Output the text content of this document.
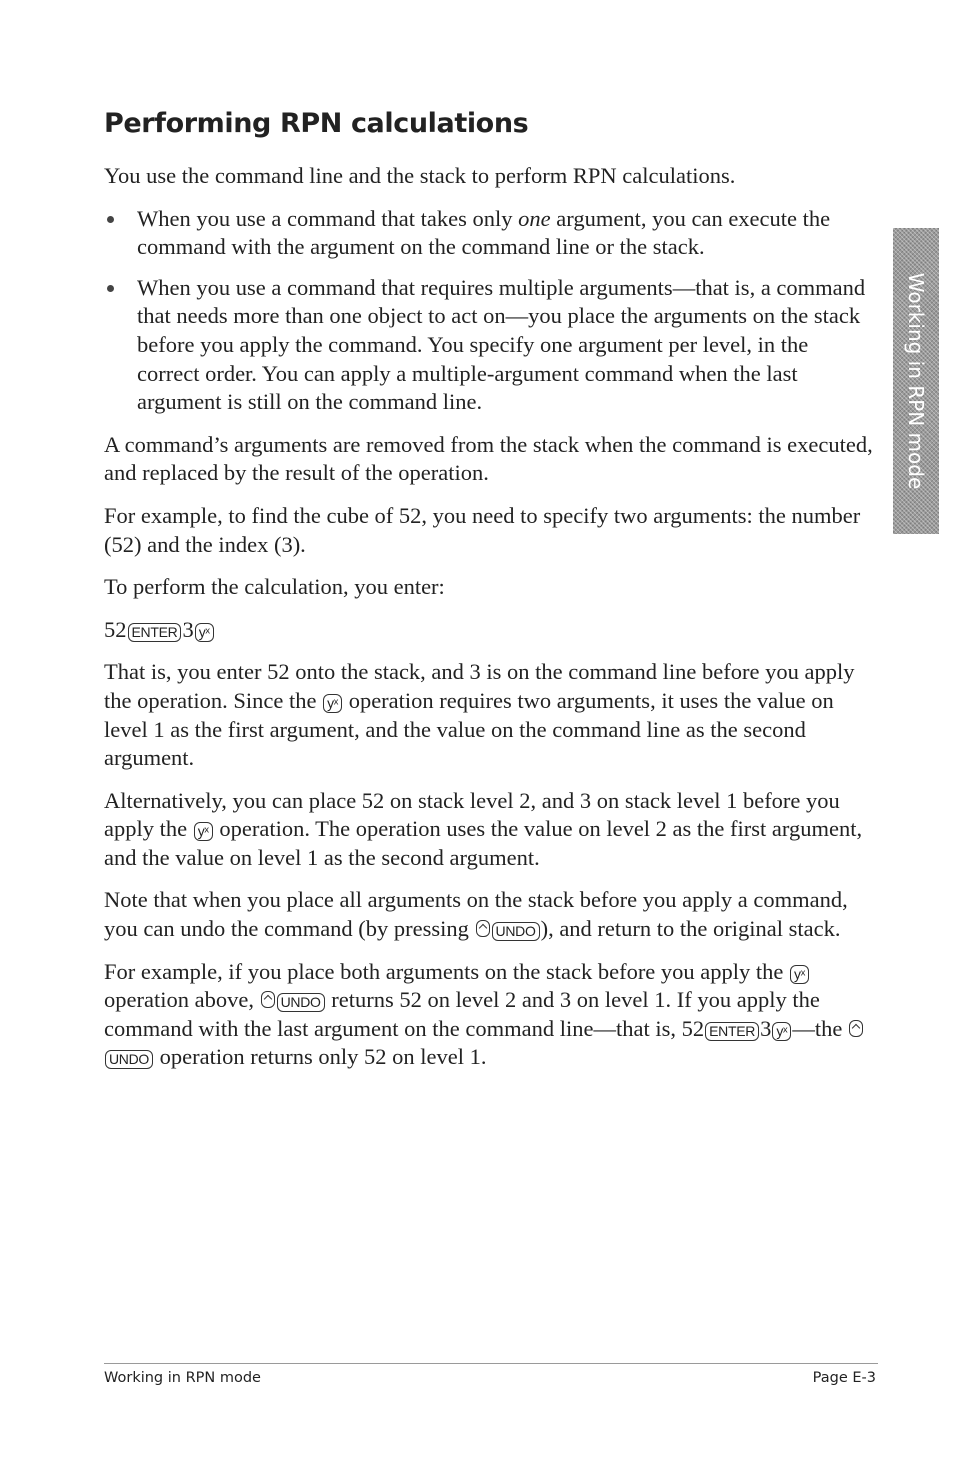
Performing RPN calculations

You use the command line and the stack to perform RPN calculations.

When you use a command that takes only one argument, you can execute the command with the argument on the command line or the stack.
When you use a command that requires multiple arguments—that is, a command that needs more than one object to act on—you place the arguments on the stack before you apply the command. You specify one argument per level, in the correct order. You can apply a multiple-argument command when the last argument is still on the command line.

A command’s arguments are removed from the stack when the command is executed, and replaced by the result of the operation.

For example, to find the cube of 52, you need to specify two arguments: the number (52) and the index (3).

To perform the calculation, you enter:

52 ENTER 3 yˣ

That is, you enter 52 onto the stack, and 3 is on the command line before you apply the operation. Since the yˣ operation requires two arguments, it uses the value on level 1 as the first argument, and the value on the command line as the second argument.

Alternatively, you can place 52 on stack level 2, and 3 on stack level 1 before you apply the yˣ operation. The operation uses the value on level 2 as the first argument, and the value on level 1 as the second argument.

Note that when you place all arguments on the stack before you apply a command, you can undo the command (by pressing UNDO ), and return to the original stack.

For example, if you place both arguments on the stack before you apply the yˣ operation above, UNDO returns 52 on level 2 and 3 on level 1. If you apply the command with the last argument on the command line—that is, 52 ENTER 3 yˣ —the UNDO operation returns only 52 on level 1.

Working in RPN mode
Working in RPN mode	Page E-3
